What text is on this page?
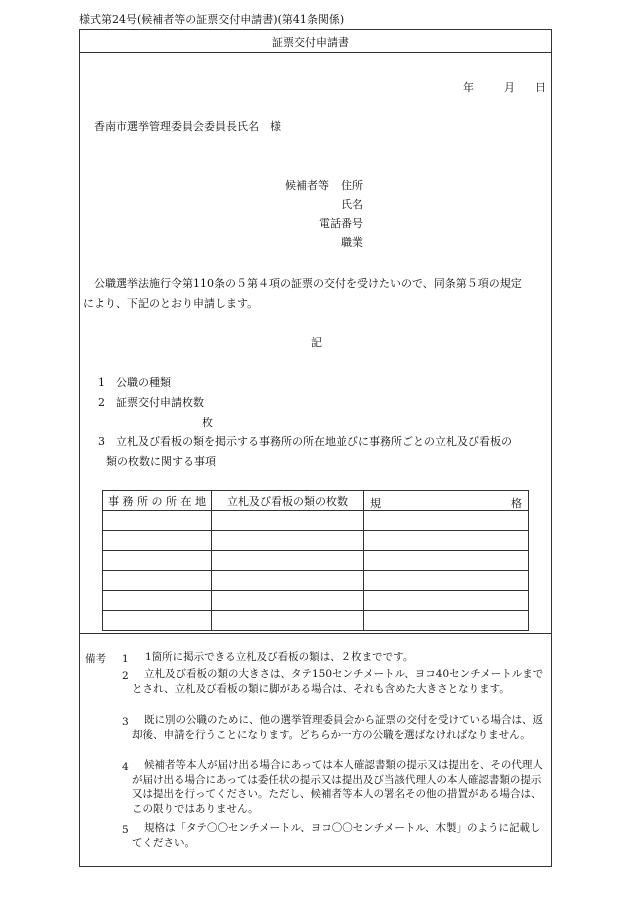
様式第24号(候補者等の証票交付申請書)(第41条関係)
証票交付申請書
年	月 日
香南市選挙管理委員会委員長氏名　様
候補者等 住所
氏名
電話番号
職業
公職選挙法施行令第110条の５第４項の証票の交付を受けたいので、同条第５項の規定
により、下記のとおり申請します。
記
1　公職の種類
2　証票交付申請枚数
枚
3　立札及び看板の類を掲示する事務所の所在地並びに事務所ごとの立札及び看板の
類の枚数に関する事項
事 務 所 の 所 在 地	立札及び看板の類の枚数	規 格

備考 1 1箇所に掲示できる立札及び看板の類は、２枚までです。
2	立札及び看板の類の大きさは、タテ150センチメートル、ヨコ40センチメートルまでとされ、立札及び看板の類に脚がある場合は、それも含めた大きさとなります。
3	既に別の公職のために、他の選挙管理委員会から証票の交付を受けている場合は、返却後、申請を行うことになります。どちらか一方の公職を選ばなければなりません。
4	候補者等本人が届け出る場合にあっては本人確認書類の提示又は提出を、その代理人が届け出る場合にあっては委任状の提示又は提出及び当該代理人の本人確認書類の提示又は提出を行ってください。ただし、候補者等本人の署名その他の措置がある場合は、この限りではありません。
5	規格は「タテ〇〇センチメートル、ヨコ〇〇センチメートル、木製」のように記載してください。
